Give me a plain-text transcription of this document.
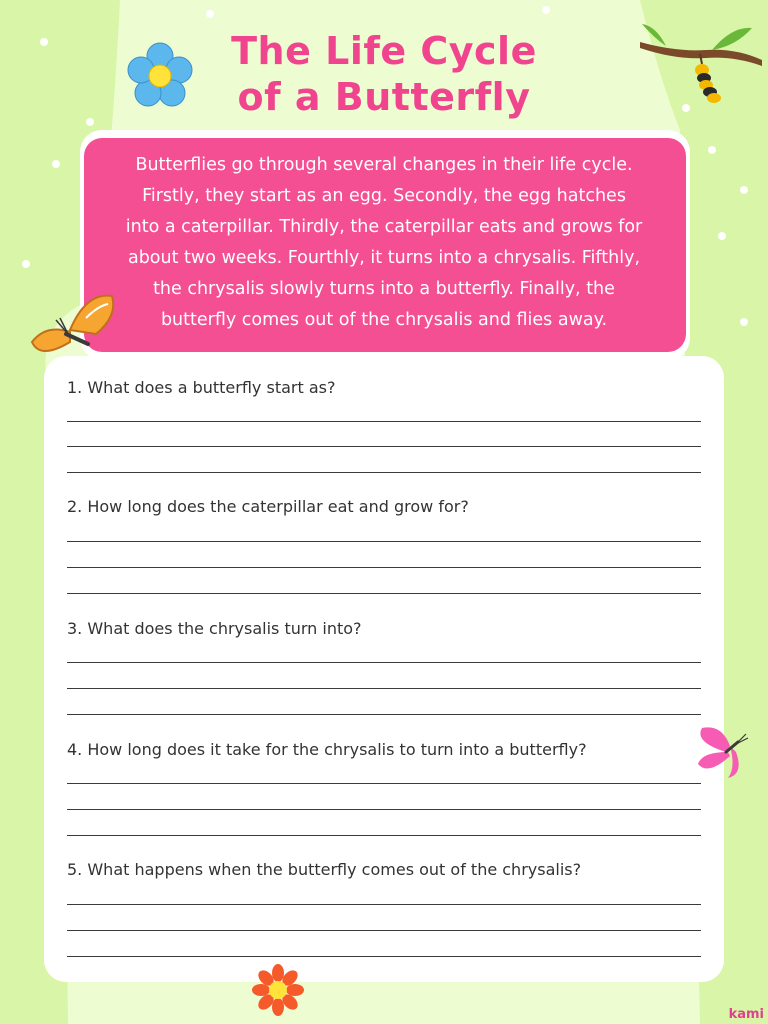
The Life Cycle
of a Butterfly
Butterflies go through several changes in their life cycle.
Firstly, they start as an egg. Secondly, the egg hatches
into a caterpillar. Thirdly, the caterpillar eats and grows for
about two weeks. Fourthly, it turns into a chrysalis. Fifthly,
the chrysalis slowly turns into a butterfly. Finally, the
butterfly comes out of the chrysalis and flies away.
1. What does a butterfly start as?
2. How long does the caterpillar eat and grow for?
3. What does the chrysalis turn into?
4. How long does it take for the chrysalis to turn into a butterfly?
5. What happens when the butterfly comes out of the chrysalis?
kami
